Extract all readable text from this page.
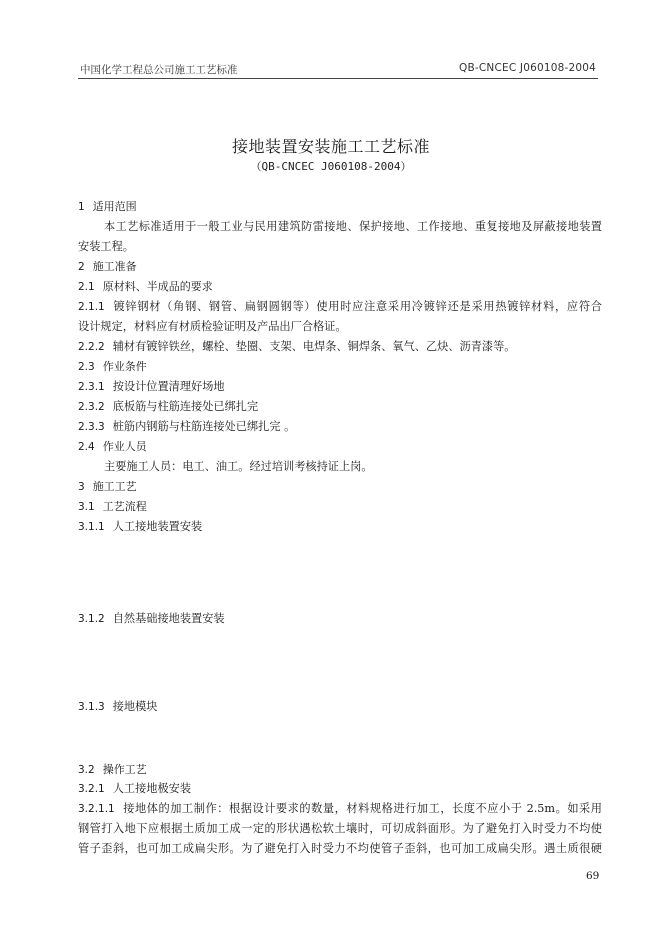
中国化学工程总公司施工工艺标准	QB-CNCEC J060108-2004
接地装置安装施工工艺标准
（QB-CNCEC J060108-2004）
1 适用范围
本工艺标准适用于一般工业与民用建筑防雷接地、保护接地、工作接地、重复接地及屏蔽接地装置
安装工程。
2 施工准备
2.1 原材料、半成品的要求
2.1.1 镀锌钢材（角钢、钢管、扁钢圆钢等）使用时应注意采用冷镀锌还是采用热镀锌材料，应符合
设计规定，材料应有材质检验证明及产品出厂合格证。
2.2.2 辅材有镀锌铁丝，螺栓、垫圈、支架、电焊条、铜焊条、氧气、乙炔、沥青漆等。
2.3 作业条件
2.3.1 按设计位置清理好场地
2.3.2 底板筋与柱筋连接处已绑扎完
2.3.3 桩筋内钢筋与柱筋连接处已绑扎完 。
2.4 作业人员
主要施工人员：电工、油工。经过培训考核持证上岗。
3 施工工艺
3.1 工艺流程
3.1.1 人工接地装置安装
3.1.2 自然基础接地装置安装
3.1.3 接地模块
3.2 操作工艺
3.2.1 人工接地极安装
3.2.1.1 接地体的加工制作：根据设计要求的数量，材料规格进行加工，长度不应小于 2.5m。如采用
钢管打入地下应根据土质加工成一定的形状遇松软土壤时，可切成斜面形。为了避免打入时受力不均使
管子歪斜，也可加工成扁尖形。为了避免打入时受力不均使管子歪斜，也可加工成扁尖形。遇土质很硬
69
